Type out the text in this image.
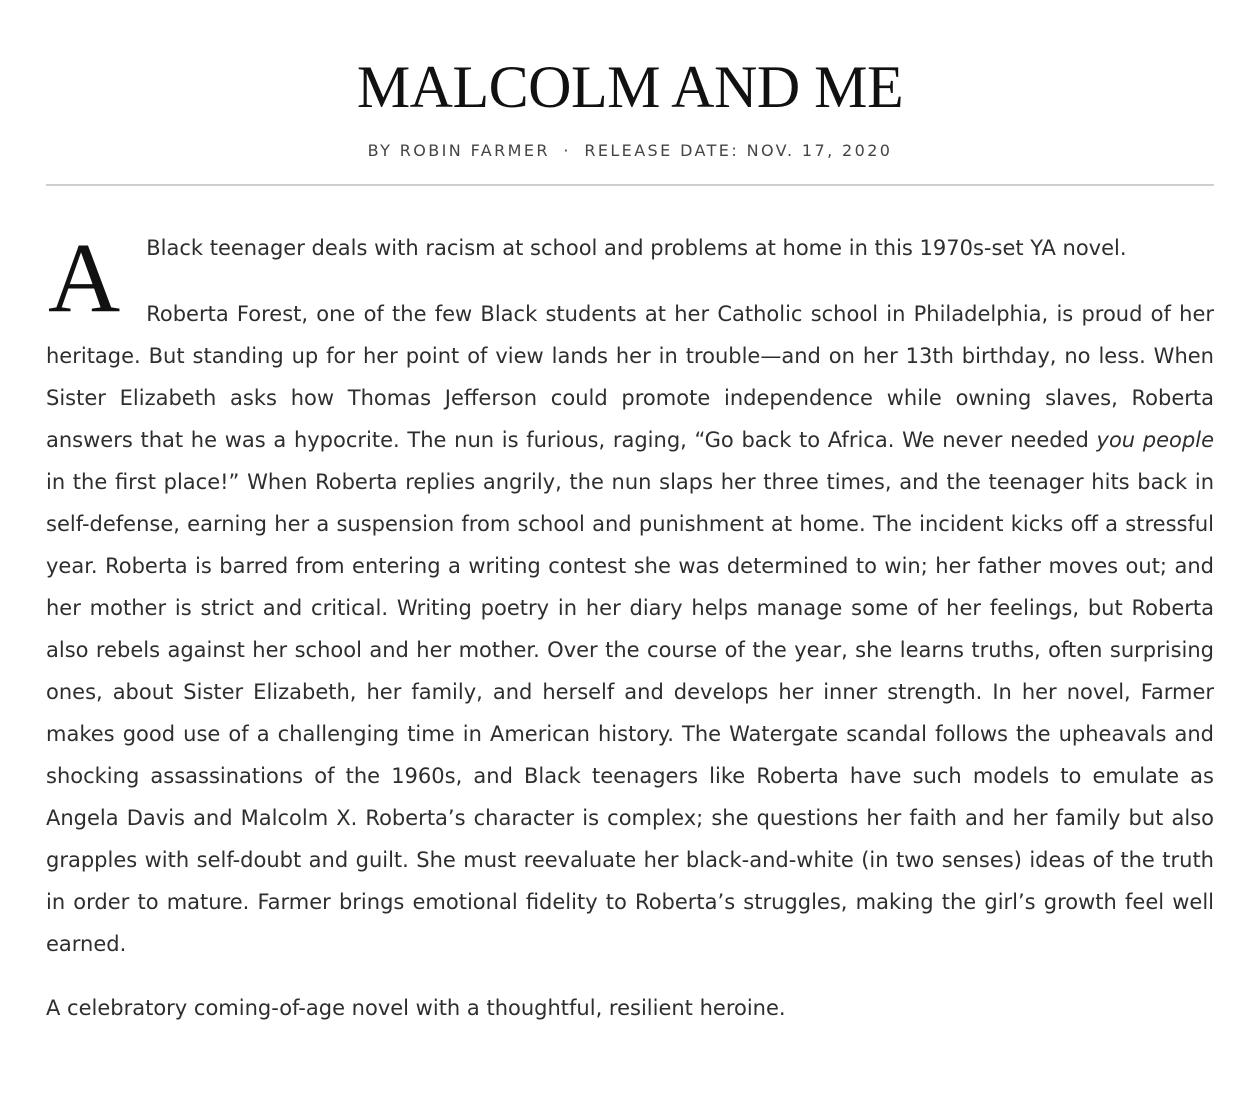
MALCOLM AND ME
BY ROBIN FARMER · RELEASE DATE: NOV. 17, 2020
A	Black teenager deals with racism at school and problems at home in this 1970s-set YA novel.

Roberta Forest, one of the few Black students at her Catholic school in Philadelphia, is proud of her heritage. But standing up for her point of view lands her in trouble—and on her 13th birthday, no less. When Sister Elizabeth asks how Thomas Jefferson could promote independence while owning slaves, Roberta answers that he was a hypocrite. The nun is furious, raging, “Go back to Africa. We never needed you people in the first place!” When Roberta replies angrily, the nun slaps her three times, and the teenager hits back in self-defense, earning her a suspension from school and punishment at home. The incident kicks off a stressful year. Roberta is barred from entering a writing contest she was determined to win; her father moves out; and her mother is strict and critical. Writing poetry in her diary helps manage some of her feelings, but Roberta also rebels against her school and her mother. Over the course of the year, she learns truths, often surprising ones, about Sister Elizabeth, her family, and herself and develops her inner strength. In her novel, Farmer makes good use of a challenging time in American history. The Watergate scandal follows the upheavals and shocking assassinations of the 1960s, and Black teenagers like Roberta have such models to emulate as Angela Davis and Malcolm X. Roberta’s character is complex; she questions her faith and her family but also grapples with self-doubt and guilt. She must reevaluate her black-and-white (in two senses) ideas of the truth in order to mature. Farmer brings emotional fidelity to Roberta’s struggles, making the girl’s growth feel well earned.

A celebratory coming-of-age novel with a thoughtful, resilient heroine.
